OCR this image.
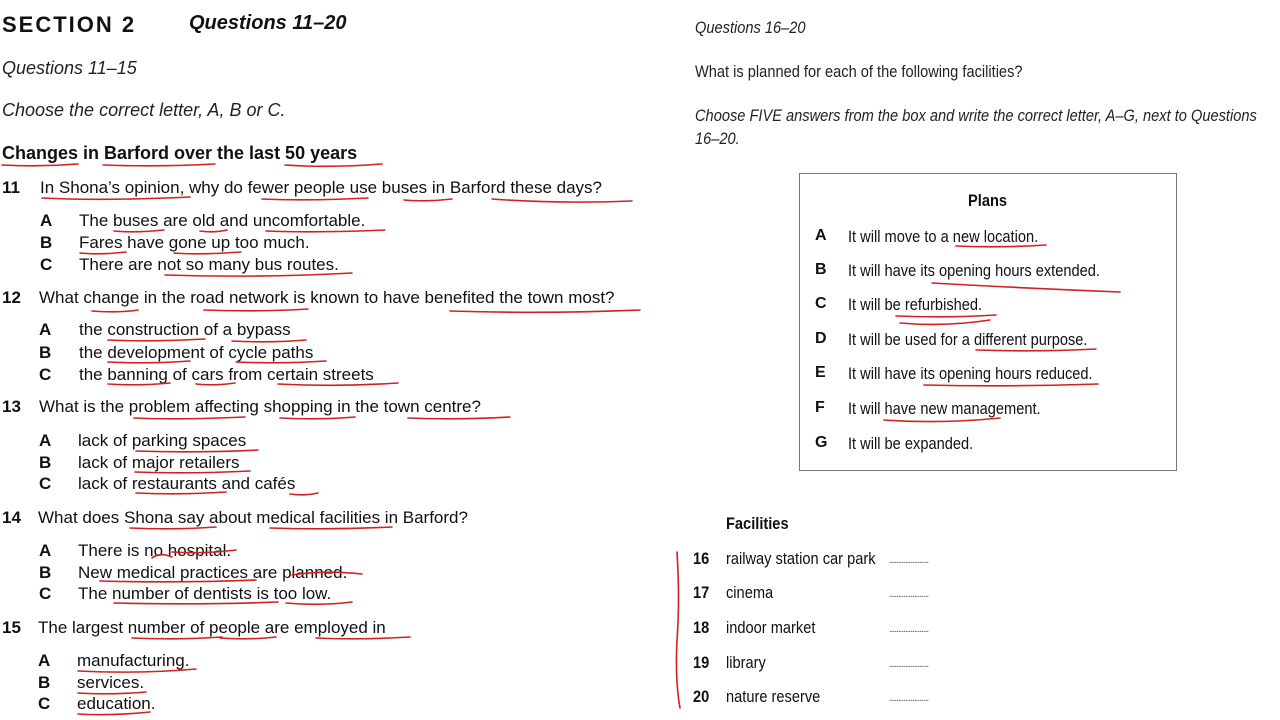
SECTION 2	Questions 11–20
Questions 11–15
Choose the correct letter, A, B or C.
Changes in Barford over the last 50 years
11 In Shona’s opinion, why do fewer people use buses in Barford these days?
A The buses are old and uncomfortable.
B Fares have gone up too much.
C There are not so many bus routes.
12 What change in the road network is known to have benefited the town most?
A the construction of a bypass
B the development of cycle paths
C the banning of cars from certain streets
13 What is the problem affecting shopping in the town centre?
A lack of parking spaces
B lack of major retailers
C lack of restaurants and cafés
14 What does Shona say about medical facilities in Barford?
A There is no hospital.
B New medical practices are planned.
C The number of dentists is too low.
15 The largest number of people are employed in
A manufacturing.
B services.
C education.
Questions 16–20
What is planned for each of the following facilities?
Choose FIVE answers from the box and write the correct letter, A–G, next to Questions
16–20.
Plans
A It will move to a new location.
B It will have its opening hours extended.
C It will be refurbished.
D It will be used for a different purpose.
E It will have its opening hours reduced.
F It will have new management.
G It will be expanded.
Facilities
16 railway station car park ......................
17 cinema	......................
18 indoor market	......................
19 library	......................
20 nature reserve	......................
